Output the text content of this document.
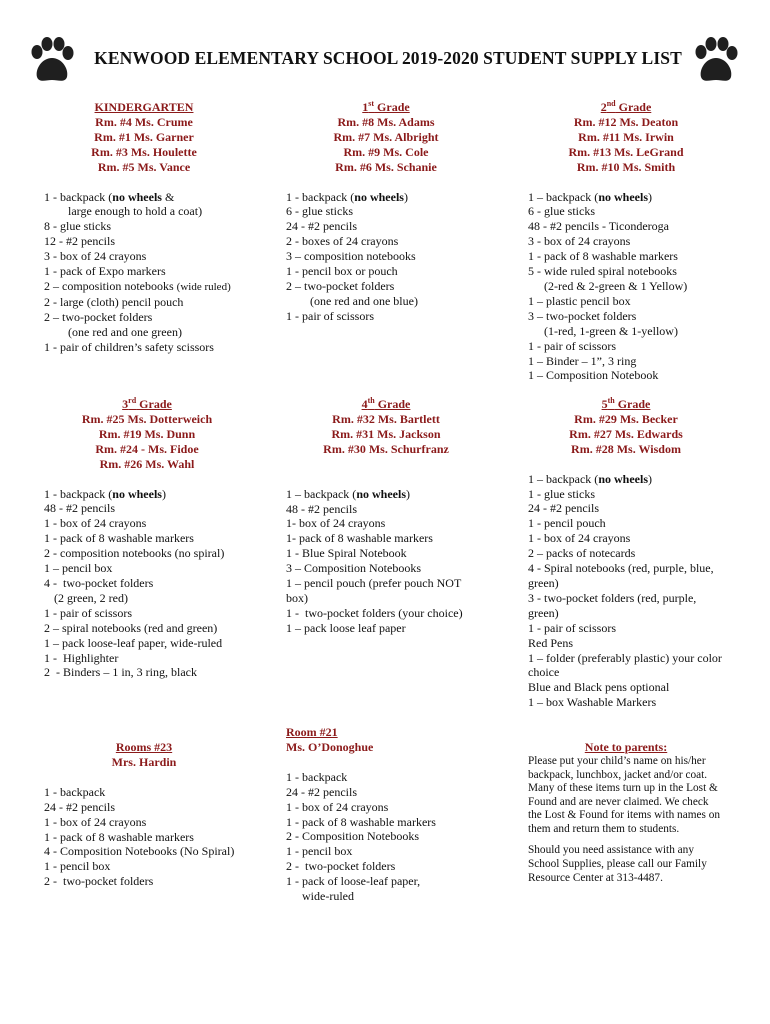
KENWOOD ELEMENTARY SCHOOL 2019-2020 STUDENT SUPPLY LIST
KINDERGARTEN
Rm. #4 Ms. Crume
Rm. #1 Ms. Garner
Rm. #3 Ms. Houlette
Rm. #5 Ms. Vance
1 - backpack (no wheels &
large enough to hold a coat)
8 - glue sticks
12 - #2 pencils
3 - box of 24 crayons
1 - pack of Expo markers
2 – composition notebooks (wide ruled)
2 - large (cloth) pencil pouch
2 – two-pocket folders
(one red and one green)
1 - pair of children’s safety scissors
1st Grade
Rm. #8 Ms. Adams
Rm. #7 Ms. Albright
Rm. #9 Ms. Cole
Rm. #6 Ms. Schanie
1 - backpack (no wheels)
6 - glue sticks
24 - #2 pencils
2 - boxes of 24 crayons
3 – composition notebooks
1 - pencil box or pouch
2 – two-pocket folders
(one red and one blue)
1 - pair of scissors
2nd Grade
Rm. #12 Ms. Deaton
Rm. #11 Ms. Irwin
Rm. #13 Ms. LeGrand
Rm. #10 Ms. Smith
1 – backpack (no wheels)
6 - glue sticks
48 - #2 pencils - Ticonderoga
3 - box of 24 crayons
1 - pack of 8 washable markers
5 - wide ruled spiral notebooks
(2-red & 2-green & 1 Yellow)
1 – plastic pencil box
3 – two-pocket folders
(1-red, 1-green & 1-yellow)
1 - pair of scissors
1 – Binder – 1”, 3 ring
1 – Composition Notebook
3rd Grade
Rm. #25 Ms. Dotterweich
Rm. #19 Ms. Dunn
Rm. #24 - Ms. Fidoe
Rm. #26 Ms. Wahl
1 - backpack (no wheels)
48 - #2 pencils
1 - box of 24 crayons
1 - pack of 8 washable markers
2 - composition notebooks (no spiral)
1 – pencil box
4 -  two-pocket folders
(2 green, 2 red)
1 - pair of scissors
2 – spiral notebooks (red and green)
1 – pack loose-leaf paper, wide-ruled
1 -  Highlighter
2  - Binders – 1 in, 3 ring, black
4th Grade
Rm. #32 Ms. Bartlett
Rm. #31 Ms. Jackson
Rm. #30 Ms. Schurfranz
1 – backpack (no wheels)
48 - #2 pencils
1- box of 24 crayons
1- pack of 8 washable markers
1 - Blue Spiral Notebook
3 – Composition Notebooks
1 – pencil pouch (prefer pouch NOT box)
1 -  two-pocket folders (your choice)
1 – pack loose leaf paper
5th Grade
Rm. #29 Ms. Becker
Rm. #27 Ms. Edwards
Rm. #28 Ms. Wisdom
1 – backpack (no wheels)
1 - glue sticks
24 - #2 pencils
1 - pencil pouch
1 - box of 24 crayons
2 – packs of notecards
4 - Spiral notebooks (red, purple, blue, green)
3 - two-pocket folders (red, purple, green)
1 - pair of scissors
Red Pens
1 – folder (preferably plastic) your color choice
Blue and Black pens optional
1 – box Washable Markers
Rooms #23
Mrs. Hardin
1 - backpack
24 - #2 pencils
1 - box of 24 crayons
1 - pack of 8 washable markers
4 - Composition Notebooks (No Spiral)
1 - pencil box
2 -  two-pocket folders
Room #21
Ms. O’Donoghue
1 - backpack
24 - #2 pencils
1 - box of 24 crayons
1 - pack of 8 washable markers
2 - Composition Notebooks
1 - pencil box
2 -  two-pocket folders
1 - pack of loose-leaf paper,
wide-ruled
Note to parents:

Please put your child’s name on his/her backpack, lunchbox, jacket and/or coat. Many of these items turn up in the Lost & Found and are never claimed. We check the Lost & Found for items with names on them and return them to students.

Should you need assistance with any School Supplies, please call our Family Resource Center at 313-4487.
